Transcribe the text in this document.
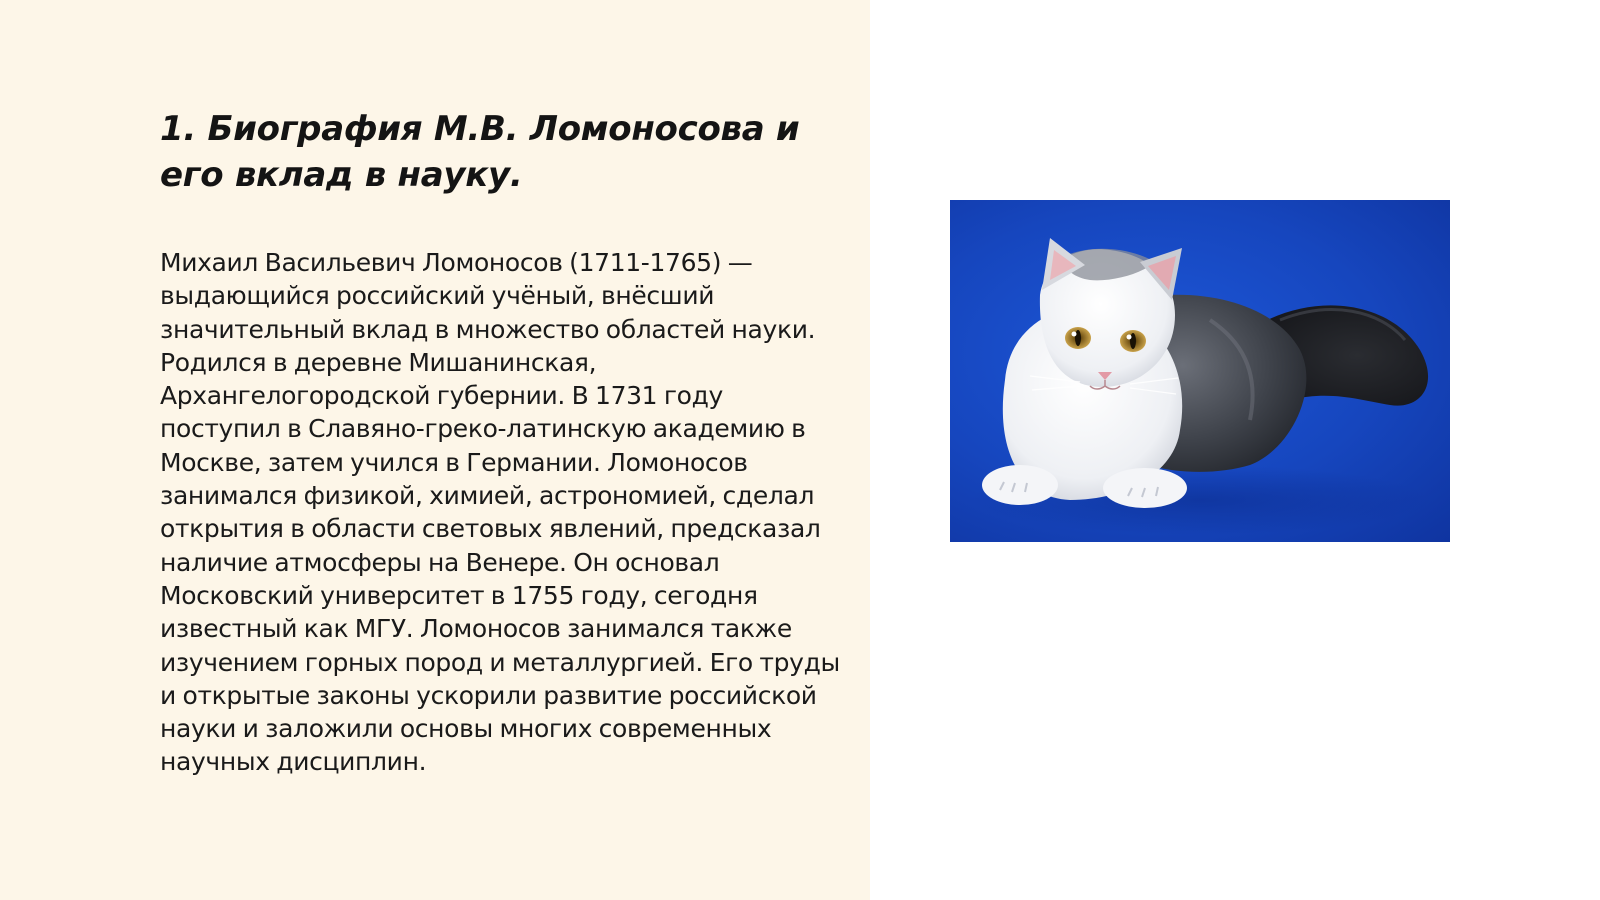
1. Биография М.В. Ломоносова и его вклад в науку.

Михаил Васильевич Ломоносов (1711-1765) — выдающийся российский учёный, внёсший значительный вклад в множество областей науки. Родился в деревне Мишанинская, Архангелогородской губернии. В 1731 году поступил в Славяно-греко-латинскую академию в Москве, затем учился в Германии. Ломоносов занимался физикой, химией, астрономией, сделал открытия в области световых явлений, предсказал наличие атмосферы на Венере. Он основал Московский университет в 1755 году, сегодня известный как МГУ. Ломоносов занимался также изучением горных пород и металлургией. Его труды и открытые законы ускорили развитие российской науки и заложили основы многих современных научных дисциплин.
